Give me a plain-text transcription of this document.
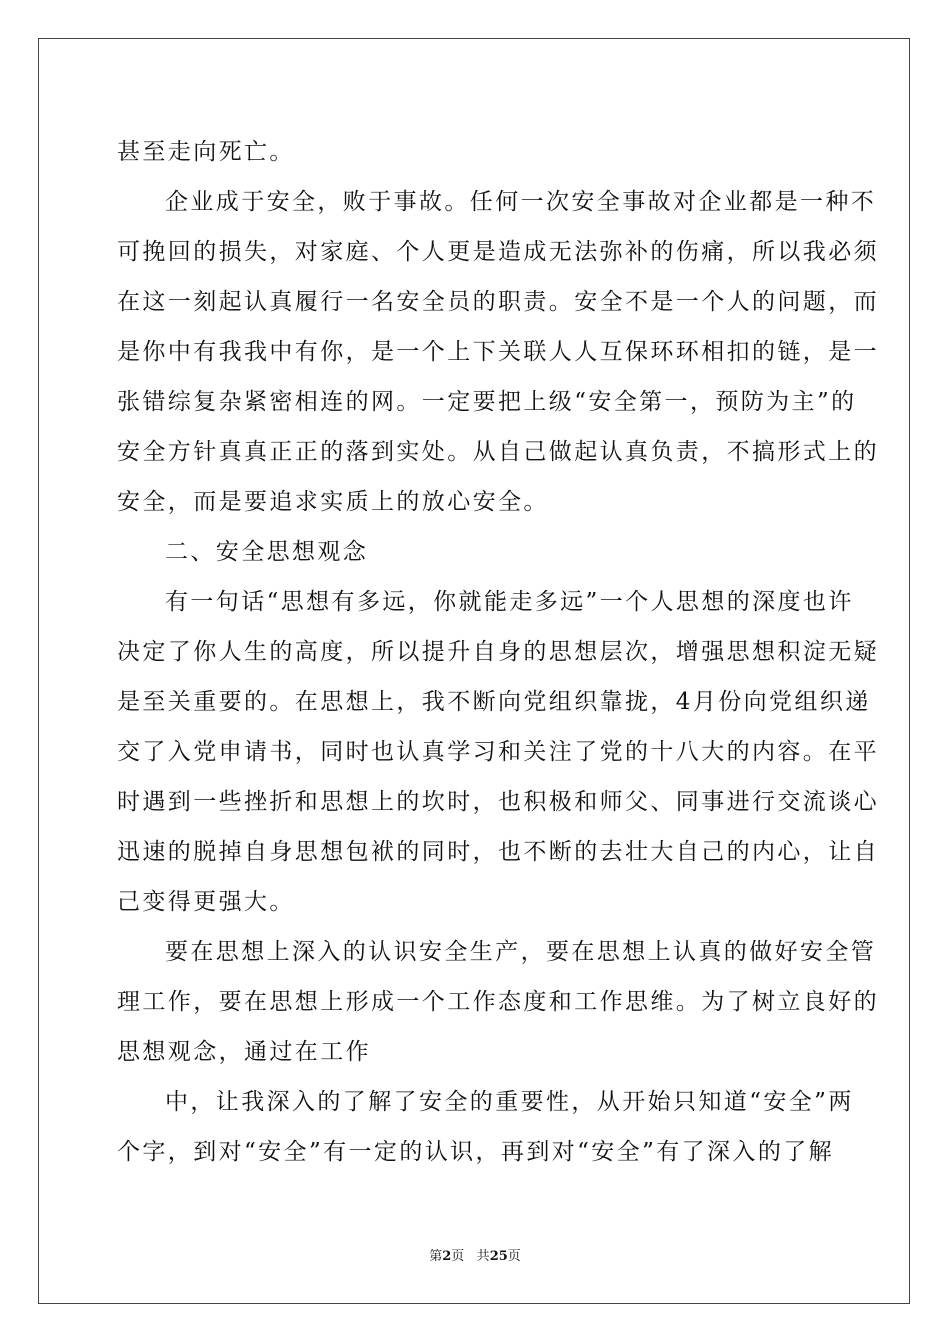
甚至走向死亡。
企业成于安全，败于事故。任何一次安全事故对企业都是一种不
可挽回的损失，对家庭、个人更是造成无法弥补的伤痛，所以我必须
在这一刻起认真履行一名安全员的职责。安全不是一个人的问题，而
是你中有我我中有你，是一个上下关联人人互保环环相扣的链，是一
张错综复杂紧密相连的网。一定要把上级“安全第一，预防为主”的
安全方针真真正正的落到实处。从自己做起认真负责，不搞形式上的
安全，而是要追求实质上的放心安全。
二、安全思想观念
有一句话“思想有多远，你就能走多远”一个人思想的深度也许
决定了你人生的高度，所以提升自身的思想层次，增强思想积淀无疑
是至关重要的。在思想上，我不断向党组织靠拢，4月份向党组织递
交了入党申请书，同时也认真学习和关注了党的十八大的内容。在平
时遇到一些挫折和思想上的坎时，也积极和师父、同事进行交流谈心
迅速的脱掉自身思想包袱的同时，也不断的去壮大自己的内心，让自
己变得更强大。
要在思想上深入的认识安全生产，要在思想上认真的做好安全管
理工作，要在思想上形成一个工作态度和工作思维。为了树立良好的
思想观念，通过在工作
中，让我深入的了解了安全的重要性，从开始只知道“安全”两
个字，到对“安全”有一定的认识，再到对“安全”有了深入的了解
第2页 共25页
